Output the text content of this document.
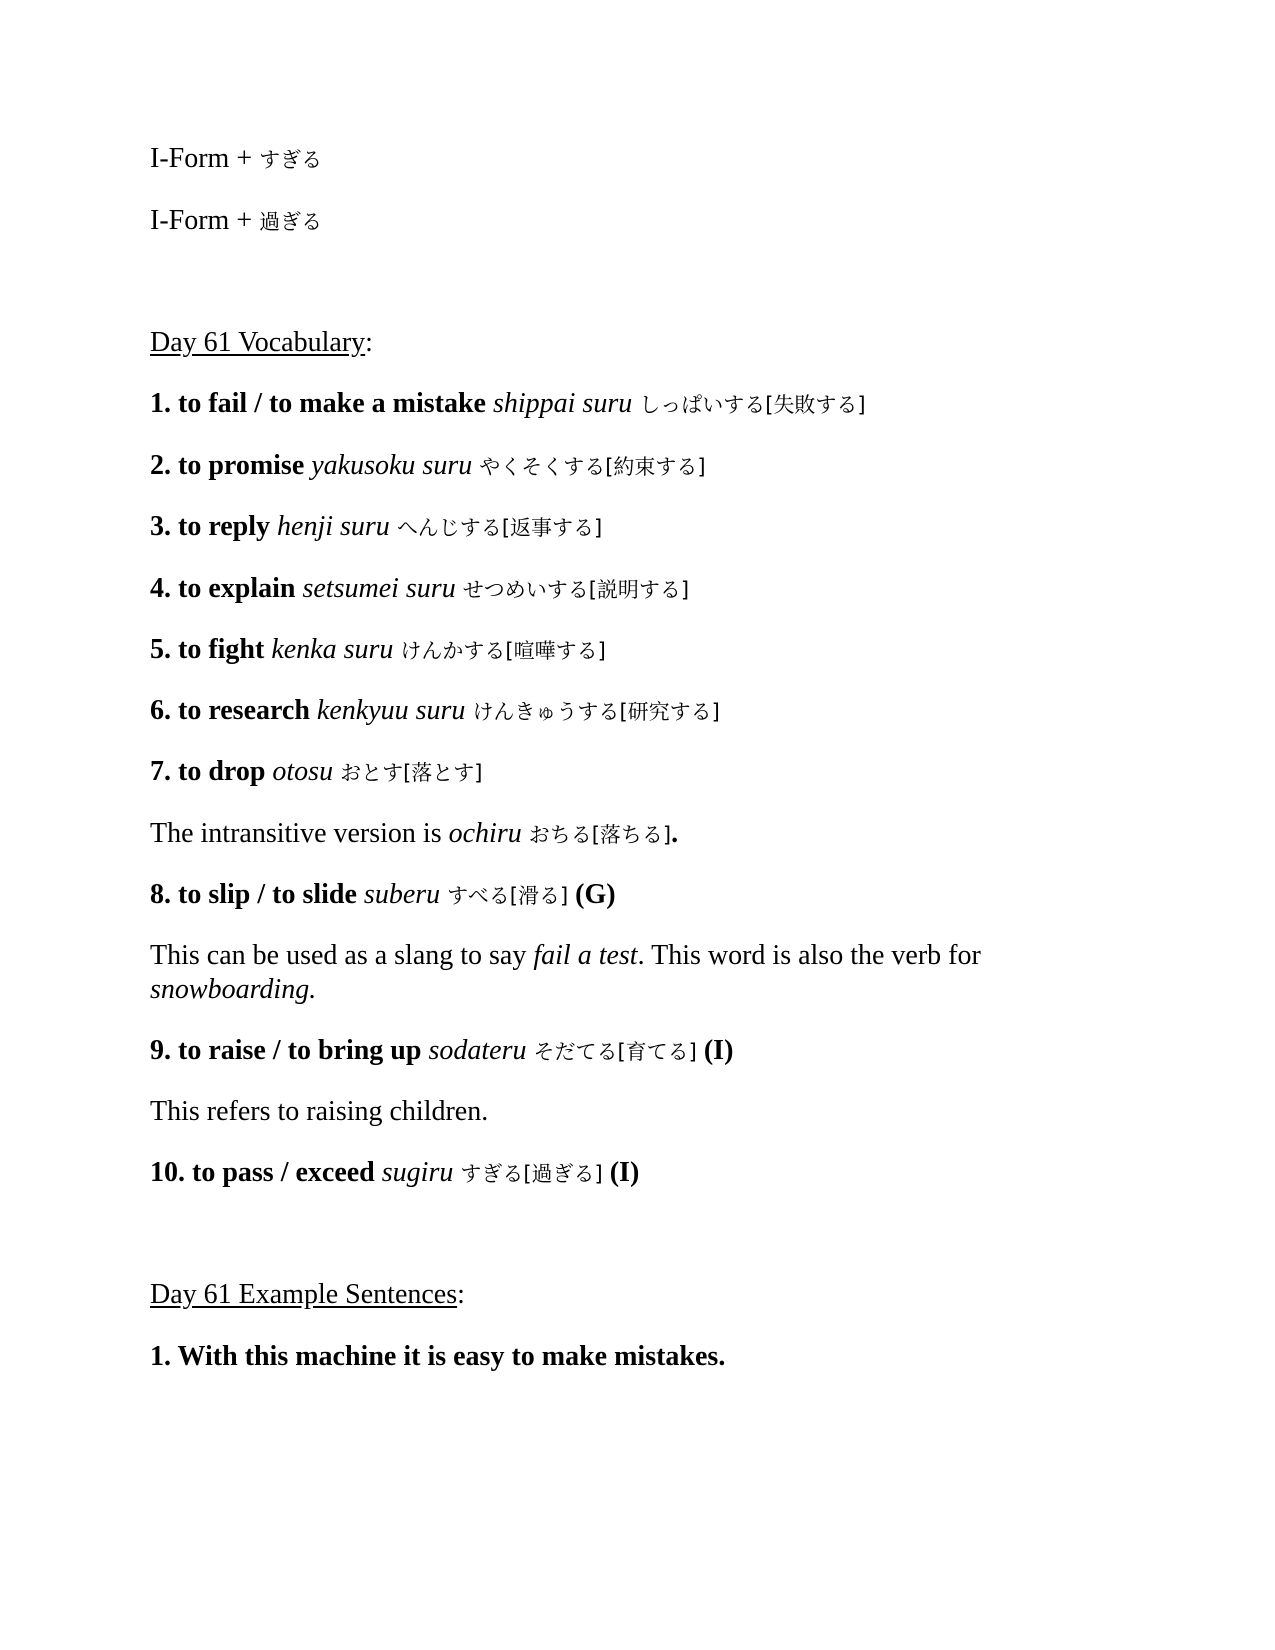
I-Form + すぎる
I-Form + 過ぎる
Day 61 Vocabulary:
1. to fail / to make a mistake shippai suru しっぱいする[失敗する]
2. to promise yakusoku suru やくそくする[約束する]
3. to reply henji suru へんじする[返事する]
4. to explain setsumei suru せつめいする[説明する]
5. to fight kenka suru けんかする[喧嘩する]
6. to research kenkyuu suru けんきゅうする[研究する]
7. to drop otosu おとす[落とす]
The intransitive version is ochiru おちる[落ちる].
8. to slip / to slide suberu すべる[滑る] (G)
This can be used as a slang to say fail a test. This word is also the verb for snowboarding.
9. to raise / to bring up sodateru そだてる[育てる] (I)
This refers to raising children.
10. to pass / exceed sugiru すぎる[過ぎる] (I)
Day 61 Example Sentences:
1. With this machine it is easy to make mistakes.
